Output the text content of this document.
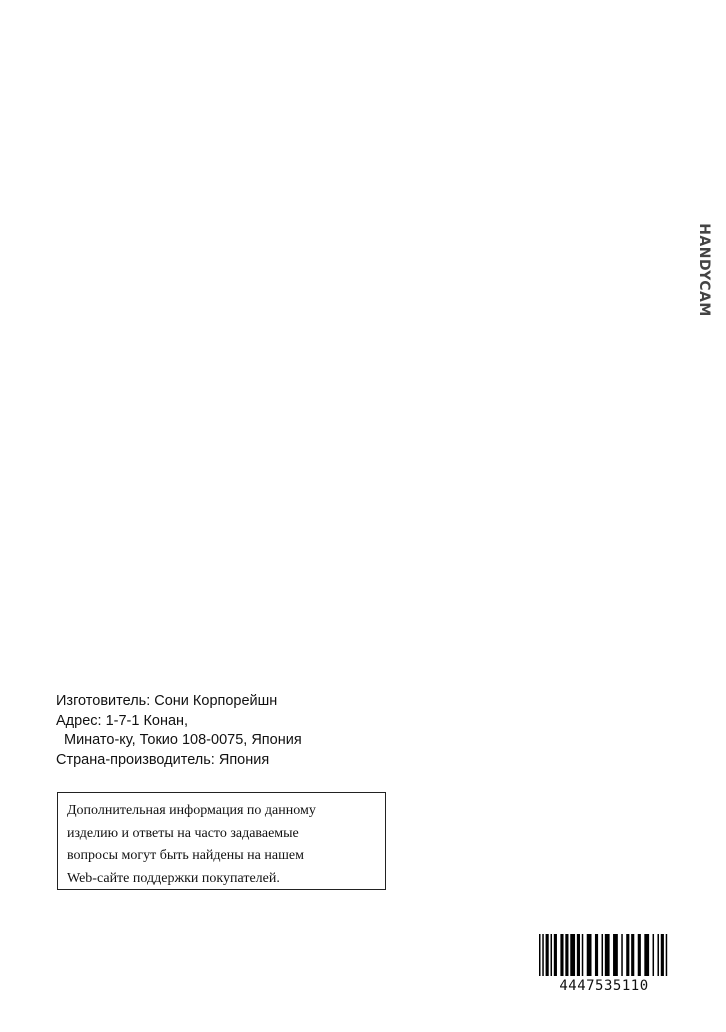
HANDYCAM
Изготовитель: Сони Корпорейшн
Адрес: 1-7-1 Конан,
Минато-ку, Токио 108-0075, Япония
Страна-производитель: Япония
Дополнительная информация по данному
изделию и ответы на часто задаваемые
вопросы могут быть найдены на нашем
Web-сайте поддержки покупателей.
4447535110
